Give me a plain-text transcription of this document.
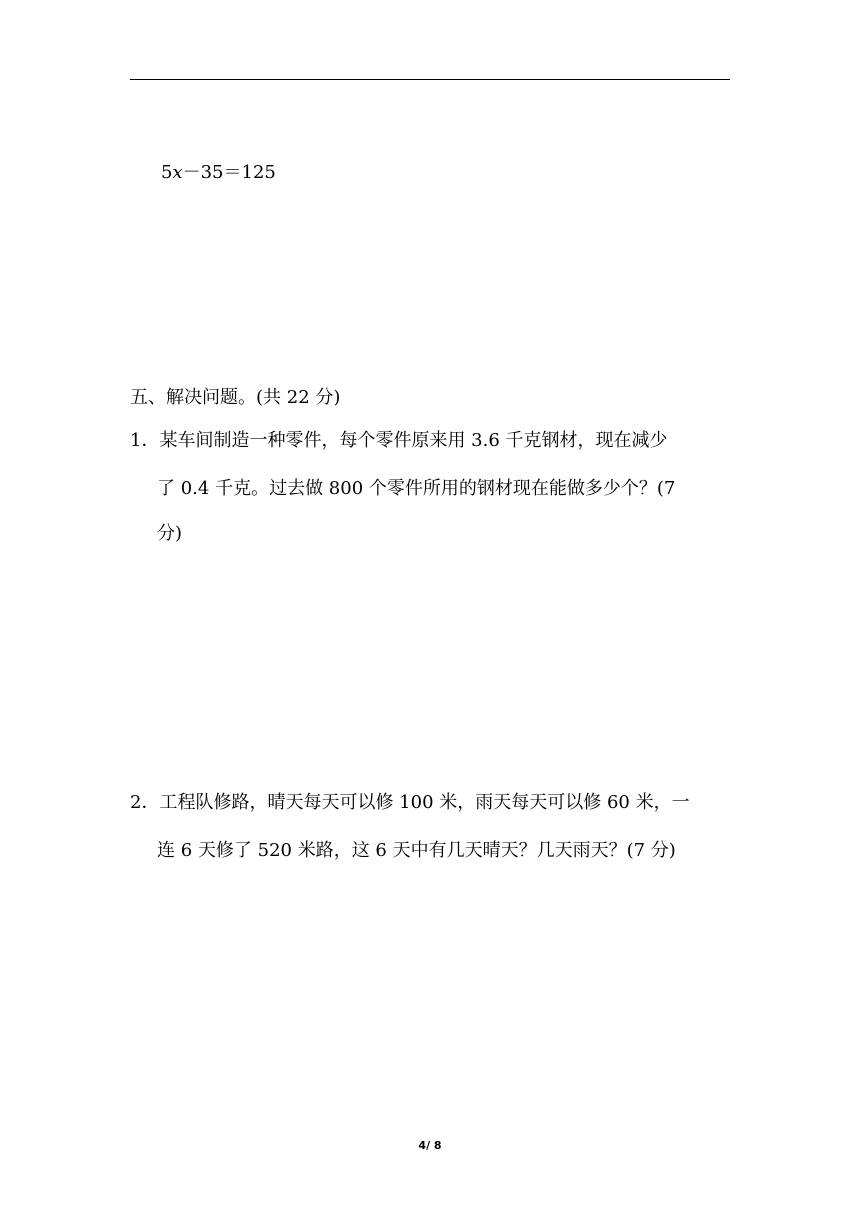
5x－35＝125
五、解决问题。(共 22 分)
1．某车间制造一种零件，每个零件原来用 3.6 千克钢材，现在减少
了 0.4 千克。过去做 800 个零件所用的钢材现在能做多少个？(7
分)
2．工程队修路，晴天每天可以修 100 米，雨天每天可以修 60 米，一
连 6 天修了 520 米路，这 6 天中有几天晴天？几天雨天？(7 分)
4/ 8
